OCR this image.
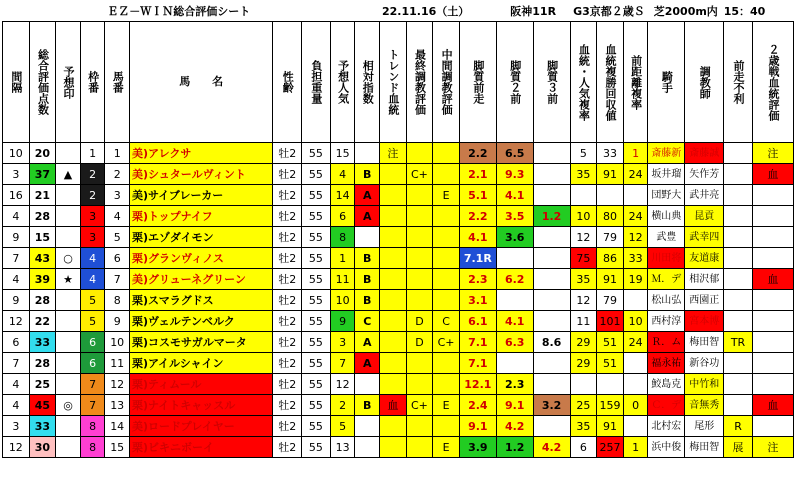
ＥＺ－ＷＩＮ総合評価シート									22.11.16（土）					阪神11R		G3京都２歳Ｓ			芝2000m内		15：40	
間隔	総合評価点数	予想印	枠番	馬番	馬　　名	性齢	負担重量	予想人気	相対指数	トレンド血統	最終調教評価	中間調教評価	脚質前走	脚質２前	脚質３前	血統・人気複率	血統複勝回収値	前距離複率	騎手	調教師	前走不利	２歳戦血統評価
10	20		1	1	美)アレクサ	牡2	55	15		注			2.2	6.5		5	33	1	斎藤新	斎藤誠		注
3	37	▲	2	2	美)シュタールヴィント	牡2	55	4	B		C+		2.1	9.3		35	91	24	坂井瑠	矢作芳		血
16	21		2	3	美)サイブレーカー	牡2	55	14	A			E	5.1	4.1					団野大	武井亮		
4	28		3	4	栗)トップナイフ	牡2	55	6	A				2.2	3.5	1.2	10	80	24	横山典	昆貢		
9	15		3	5	栗)エゾダイモン	牡2	55	8					4.1	3.6		12	79	12	武豊	武幸四		
7	43	○	4	6	栗)グランヴィノス	牡2	55	1	B				7.1R			75	86	33	川田将	友道康		
4	39	★	4	7	美)グリューネグリーン	牡2	55	11	B				2.3	6.2		35	91	19	Ｍ．デ	相沢郁		血
9	28		5	8	栗)スマラグドス	牡2	55	10	B				3.1			12	79		松山弘	西園正		
12	22		5	9	栗)ヴェルテンベルク	牡2	55	9	C		D	C	6.1	4.1		11	101	10	西村淳	宮本博		
6	33		6	10	栗)コスモサガルマータ	牡2	55	3	A		D	C+	7.1	6.3	8.6	29	51	24	Ｒ．ム	梅田智	TR	
7	28		6	11	栗)アイルシャイン	牡2	55	7	A				7.1			29	51		福永祐	新谷功		
4	25		7	12	栗)ティムール	牡2	55	12					12.1	2.3					鮫島克	中竹和		
4	45	◎	7	13	栗)ナイトキャッスル	牡2	55	2	B	血	C+	E	2.4	9.1	3.2	25	159	0	Ｃ．デ	音無秀		血
3	33		8	14	美)ロードプレイヤー	牡2	55	5					9.1	4.2		35	91		北村宏	尾形	R	
12	30		8	15	栗)ビキニボーイ	牡2	55	13				E	3.9	1.2	4.2	6	257	1	浜中俊	梅田智	展	注
